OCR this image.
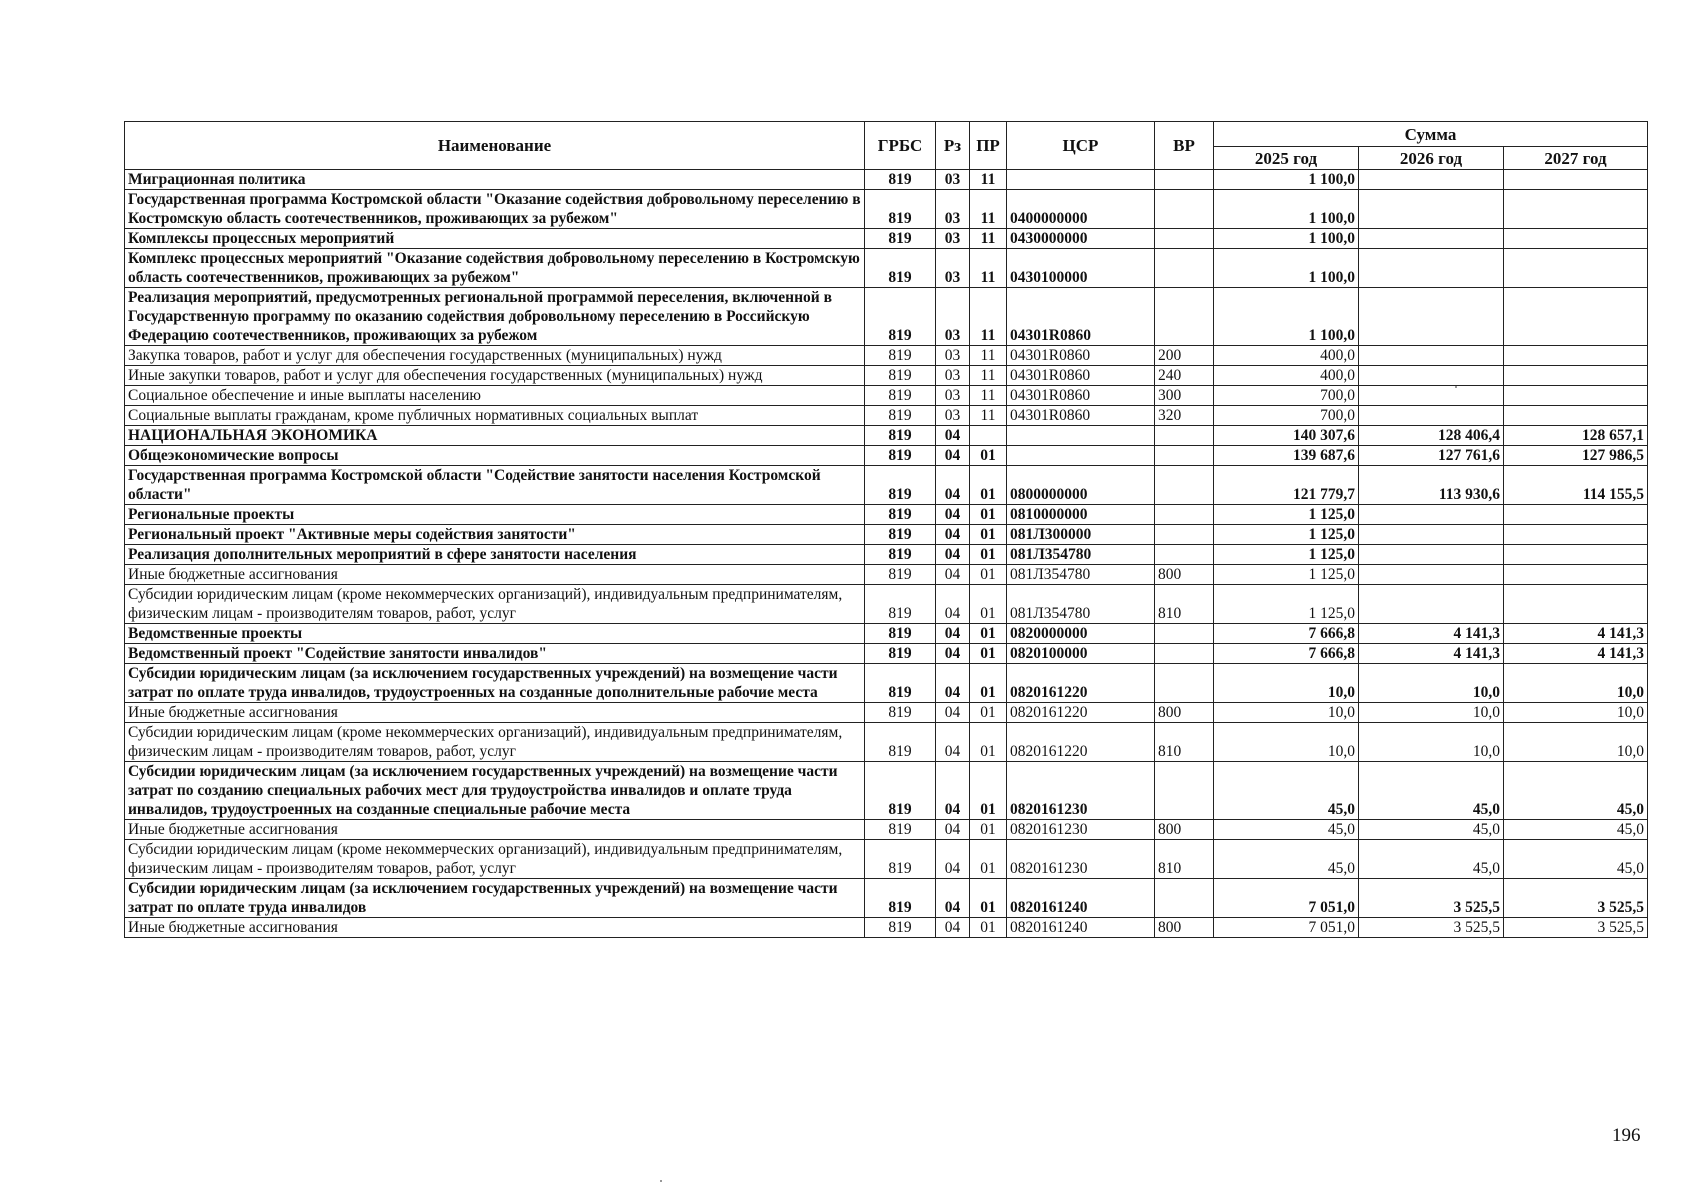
Наименование	ГРБС	Рз	ПР	ЦСР	ВР	Сумма		
						2025 год	2026 год	2027 год
Миграционная политика	819	03	11			1 100,0		
Государственная программа Костромской области "Оказание содействия добровольному переселению в Костромскую область соотечественников, проживающих за рубежом"	819	03	11	0400000000		1 100,0		
Комплексы процессных мероприятий	819	03	11	0430000000		1 100,0		
Комплекс процессных мероприятий "Оказание содействия добровольному переселению в Костромскую область соотечественников, проживающих за рубежом"	819	03	11	0430100000		1 100,0		
Реализация мероприятий, предусмотренных региональной программой переселения, включенной в Государственную программу по оказанию содействия добровольному переселению в Российскую Федерацию соотечественников, проживающих за рубежом	819	03	11	04301R0860		1 100,0		
Закупка товаров, работ и услуг для обеспечения государственных (муниципальных) нужд	819	03	11	04301R0860	200	400,0		
Иные закупки товаров, работ и услуг для обеспечения государственных (муниципальных) нужд	819	03	11	04301R0860	240	400,0		
Социальное обеспечение и иные выплаты населению	819	03	11	04301R0860	300	700,0		
Социальные выплаты гражданам, кроме публичных нормативных социальных выплат	819	03	11	04301R0860	320	700,0		
НАЦИОНАЛЬНАЯ ЭКОНОМИКА	819	04				140 307,6	128 406,4	128 657,1
Общеэкономические вопросы	819	04	01			139 687,6	127 761,6	127 986,5
Государственная программа Костромской области "Содействие занятости населения Костромской области"	819	04	01	0800000000		121 779,7	113 930,6	114 155,5
Региональные проекты	819	04	01	0810000000		1 125,0		
Региональный проект "Активные меры содействия занятости"	819	04	01	081Л300000		1 125,0		
Реализация дополнительных мероприятий в сфере занятости населения	819	04	01	081Л354780		1 125,0		
Иные бюджетные ассигнования	819	04	01	081Л354780	800	1 125,0		
Субсидии юридическим лицам (кроме некоммерческих организаций), индивидуальным предпринимателям, физическим лицам - производителям товаров, работ, услуг	819	04	01	081Л354780	810	1 125,0		
Ведомственные проекты	819	04	01	0820000000		7 666,8	4 141,3	4 141,3
Ведомственный проект "Содействие занятости инвалидов"	819	04	01	0820100000		7 666,8	4 141,3	4 141,3
Субсидии юридическим лицам (за исключением государственных учреждений) на возмещение части затрат по оплате труда инвалидов, трудоустроенных на созданные дополнительные рабочие места	819	04	01	0820161220		10,0	10,0	10,0
Иные бюджетные ассигнования	819	04	01	0820161220	800	10,0	10,0	10,0
Субсидии юридическим лицам (кроме некоммерческих организаций), индивидуальным предпринимателям, физическим лицам - производителям товаров, работ, услуг	819	04	01	0820161220	810	10,0	10,0	10,0
Субсидии юридическим лицам (за исключением государственных учреждений) на возмещение части затрат по созданию специальных рабочих мест для трудоустройства инвалидов и оплате труда инвалидов, трудоустроенных на созданные специальные рабочие места	819	04	01	0820161230		45,0	45,0	45,0
Иные бюджетные ассигнования	819	04	01	0820161230	800	45,0	45,0	45,0
Субсидии юридическим лицам (кроме некоммерческих организаций), индивидуальным предпринимателям, физическим лицам - производителям товаров, работ, услуг	819	04	01	0820161230	810	45,0	45,0	45,0
Субсидии юридическим лицам (за исключением государственных учреждений) на возмещение части затрат по оплате труда инвалидов	819	04	01	0820161240		7 051,0	3 525,5	3 525,5
Иные бюджетные ассигнования	819	04	01	0820161240	800	7 051,0	3 525,5	3 525,5
196
